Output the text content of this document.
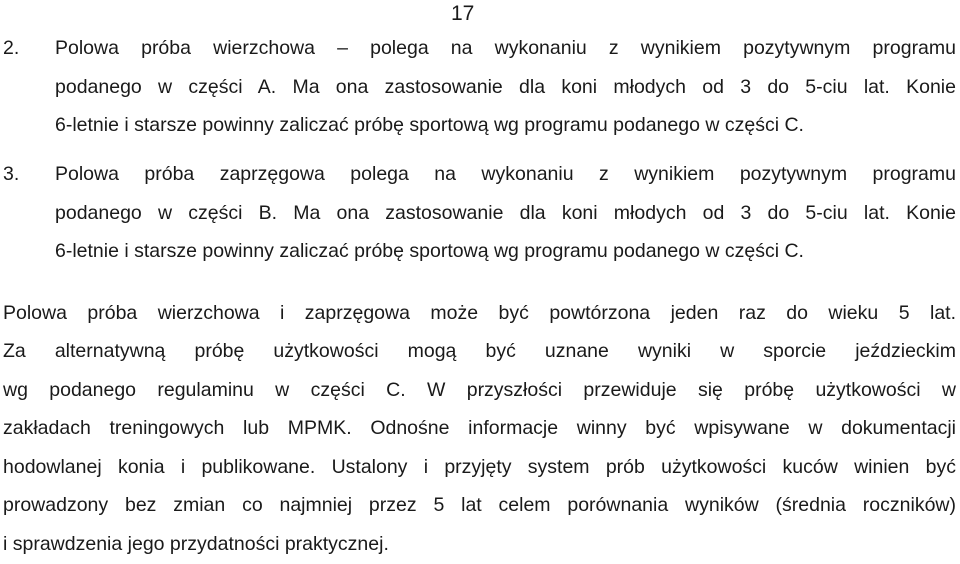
17
2. Polowa próba wierzchowa – polega na wykonaniu z wynikiem pozytywnym programu
podanego w części A. Ma ona zastosowanie dla koni młodych od 3 do 5-ciu lat. Konie
6-letnie i starsze powinny zaliczać próbę sportową wg programu podanego w części C.
3. Polowa próba zaprzęgowa polega na wykonaniu z wynikiem pozytywnym programu
podanego w części B. Ma ona zastosowanie dla koni młodych od 3 do 5-ciu lat. Konie
6-letnie i starsze powinny zaliczać próbę sportową wg programu podanego w części C.
Polowa próba wierzchowa i zaprzęgowa może być powtórzona jeden raz do wieku 5 lat.
Za alternatywną próbę użytkowości mogą być uznane wyniki w sporcie jeździeckim
wg podanego regulaminu w części C. W przyszłości przewiduje się próbę użytkowości w
zakładach treningowych lub MPMK. Odnośne informacje winny być wpisywane w dokumentacji
hodowlanej konia i publikowane. Ustalony i przyjęty system prób użytkowości kuców winien być
prowadzony bez zmian co najmniej przez 5 lat celem porównania wyników (średnia roczników)
i sprawdzenia jego przydatności praktycznej.
